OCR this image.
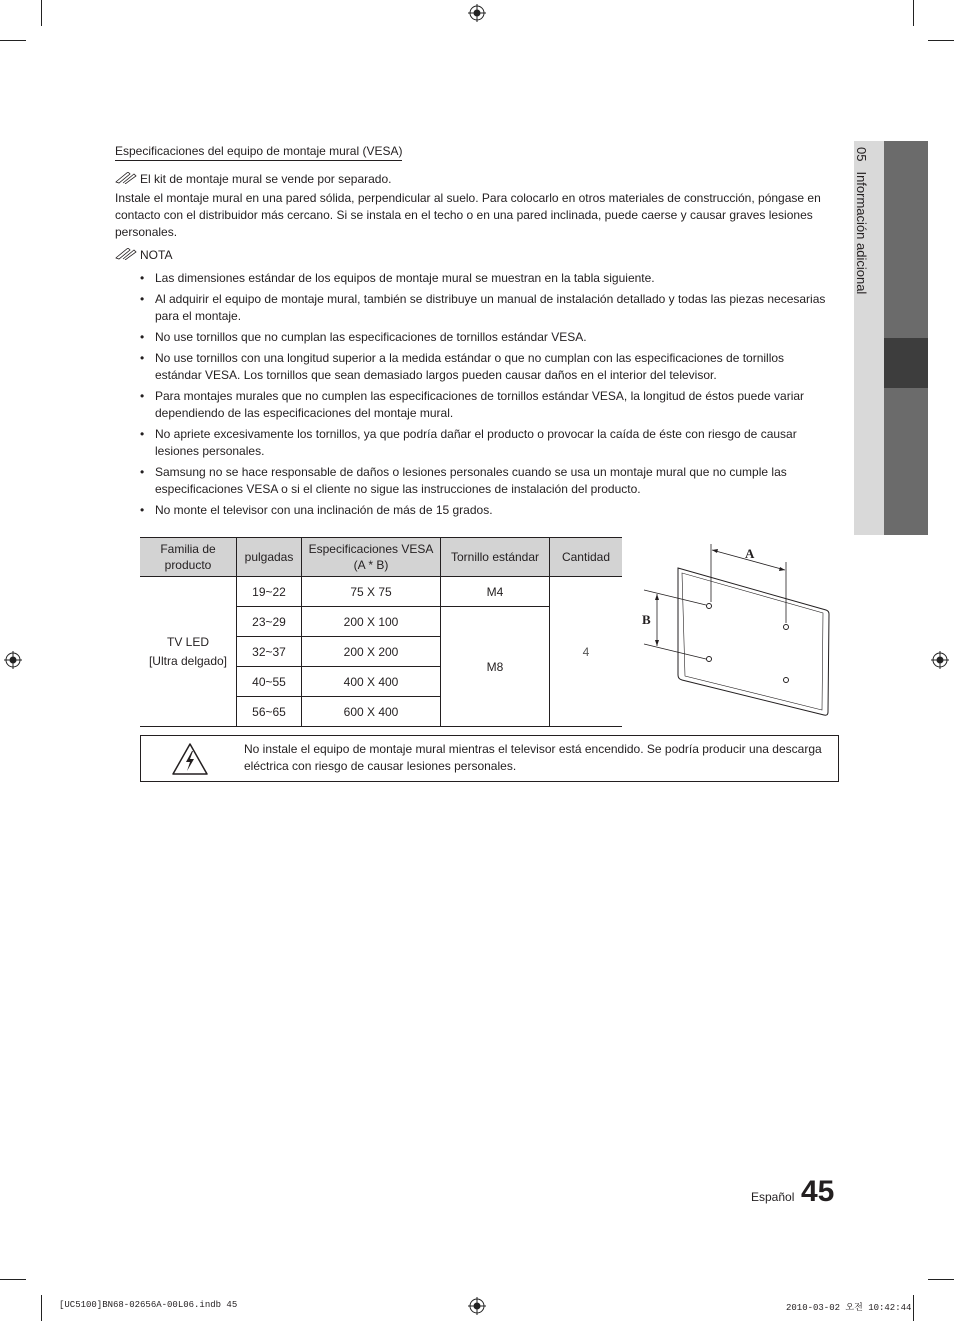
05Información adicional
Especificaciones del equipo de montaje mural (VESA)
El kit de montaje mural se vende por separado.
Instale el montaje mural en una pared sólida, perpendicular al suelo. Para colocarlo en otros materiales de construcción, póngase en contacto con el distribuidor más cercano. Si se instala en el techo o en una pared inclinada, puede caerse y causar graves lesiones personales.
NOTA
• Las dimensiones estándar de los equipos de montaje mural se muestran en la tabla siguiente.
• Al adquirir el equipo de montaje mural, también se distribuye un manual de instalación detallado y todas las piezas necesarias para el montaje.
• No use tornillos que no cumplan las especificaciones de tornillos estándar VESA.
• No use tornillos con una longitud superior a la medida estándar o que no cumplan con las especificaciones de tornillos estándar VESA. Los tornillos que sean demasiado largos pueden causar daños en el interior del televisor.
• Para montajes murales que no cumplen las especificaciones de tornillos estándar VESA, la longitud de éstos puede variar dependiendo de las especificaciones del montaje mural.
• No apriete excesivamente los tornillos, ya que podría dañar el producto o provocar la caída de éste con riesgo de causar lesiones personales.
• Samsung no se hace responsable de daños o lesiones personales cuando se usa un montaje mural que no cumple las especificaciones VESA o si el cliente no sigue las instrucciones de instalación del producto.
• No monte el televisor con una inclinación de más de 15 grados.
Familia de producto	pulgadas	Especificaciones VESA (A * B)	Tornillo estándar	Cantidad

TV LED
[Ultra delgado]	19~22	75 X 75	M4	4
	23~29	200 X 100	M8	
	32~37	200 X 200		
	40~55	400 X 400		
	56~65	600 X 400		
A
B
No instale el equipo de montaje mural mientras el televisor está encendido. Se podría producir una descarga eléctrica con riesgo de causar lesiones personales.
Español 45
[UC5100]BN68-02656A-00L06.indb 45	2010-03-02 오전 10:42:44
